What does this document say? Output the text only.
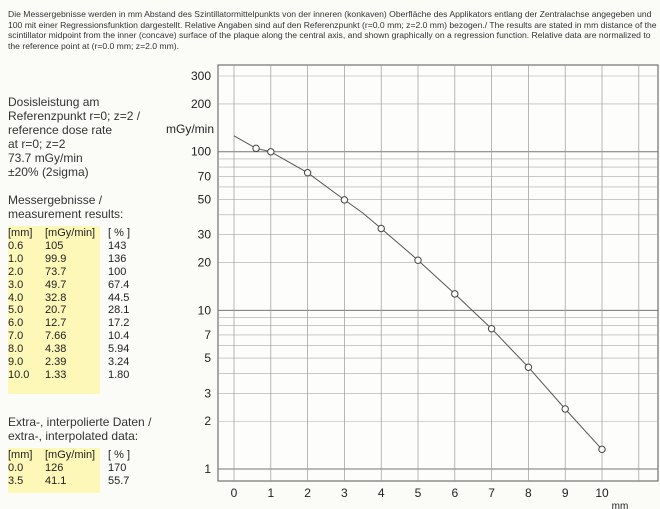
Die Messergebnisse werden in mm Abstand des Szintillatormittelpunkts von der inneren (konkaven) Oberfläche des Applikators entlang der Zentralachse angegeben und 100 mit einer Regressionsfunktion dargestellt. Relative Angaben sind auf den Referenzpunkt (r=0.0 mm; z=2.0 mm) bezogen./ The results are stated in mm distance of the scintillator midpoint from the inner (concave) surface of the plaque along the central axis, and shown graphically on a regression function. Relative data are normalized to the reference point at (r=0.0 mm; z=2.0 mm).
Dosisleistung am
Referenzpunkt r=0; z=2 /
reference dose rate
at r=0; z=2
73.7 mGy/min
±20% (2sigma)
Messergebnisse /
measurement results:
[mm]	[mGy/min]	[ % ]
0.6	105	143
1.0	99.9	136
2.0	73.7	100
3.0	49.7	67.4
4.0	32.8	44.5
5.0	20.7	28.1
6.0	12.7	17.2
7.0	7.66	10.4
8.0	4.38	5.94
9.0	2.39	3.24
10.0	1.33	1.80
Extra-, interpolierte Daten /
extra-, interpolated data:
[mm]	[mGy/min]	[ % ]
0.0	126	170
3.5	41.1	55.7
300
200
100
70
50
30
20
10
7
5
3
2
1
mGy/min
0	1	2	3	4	5	6	7	8	9 10
mm
